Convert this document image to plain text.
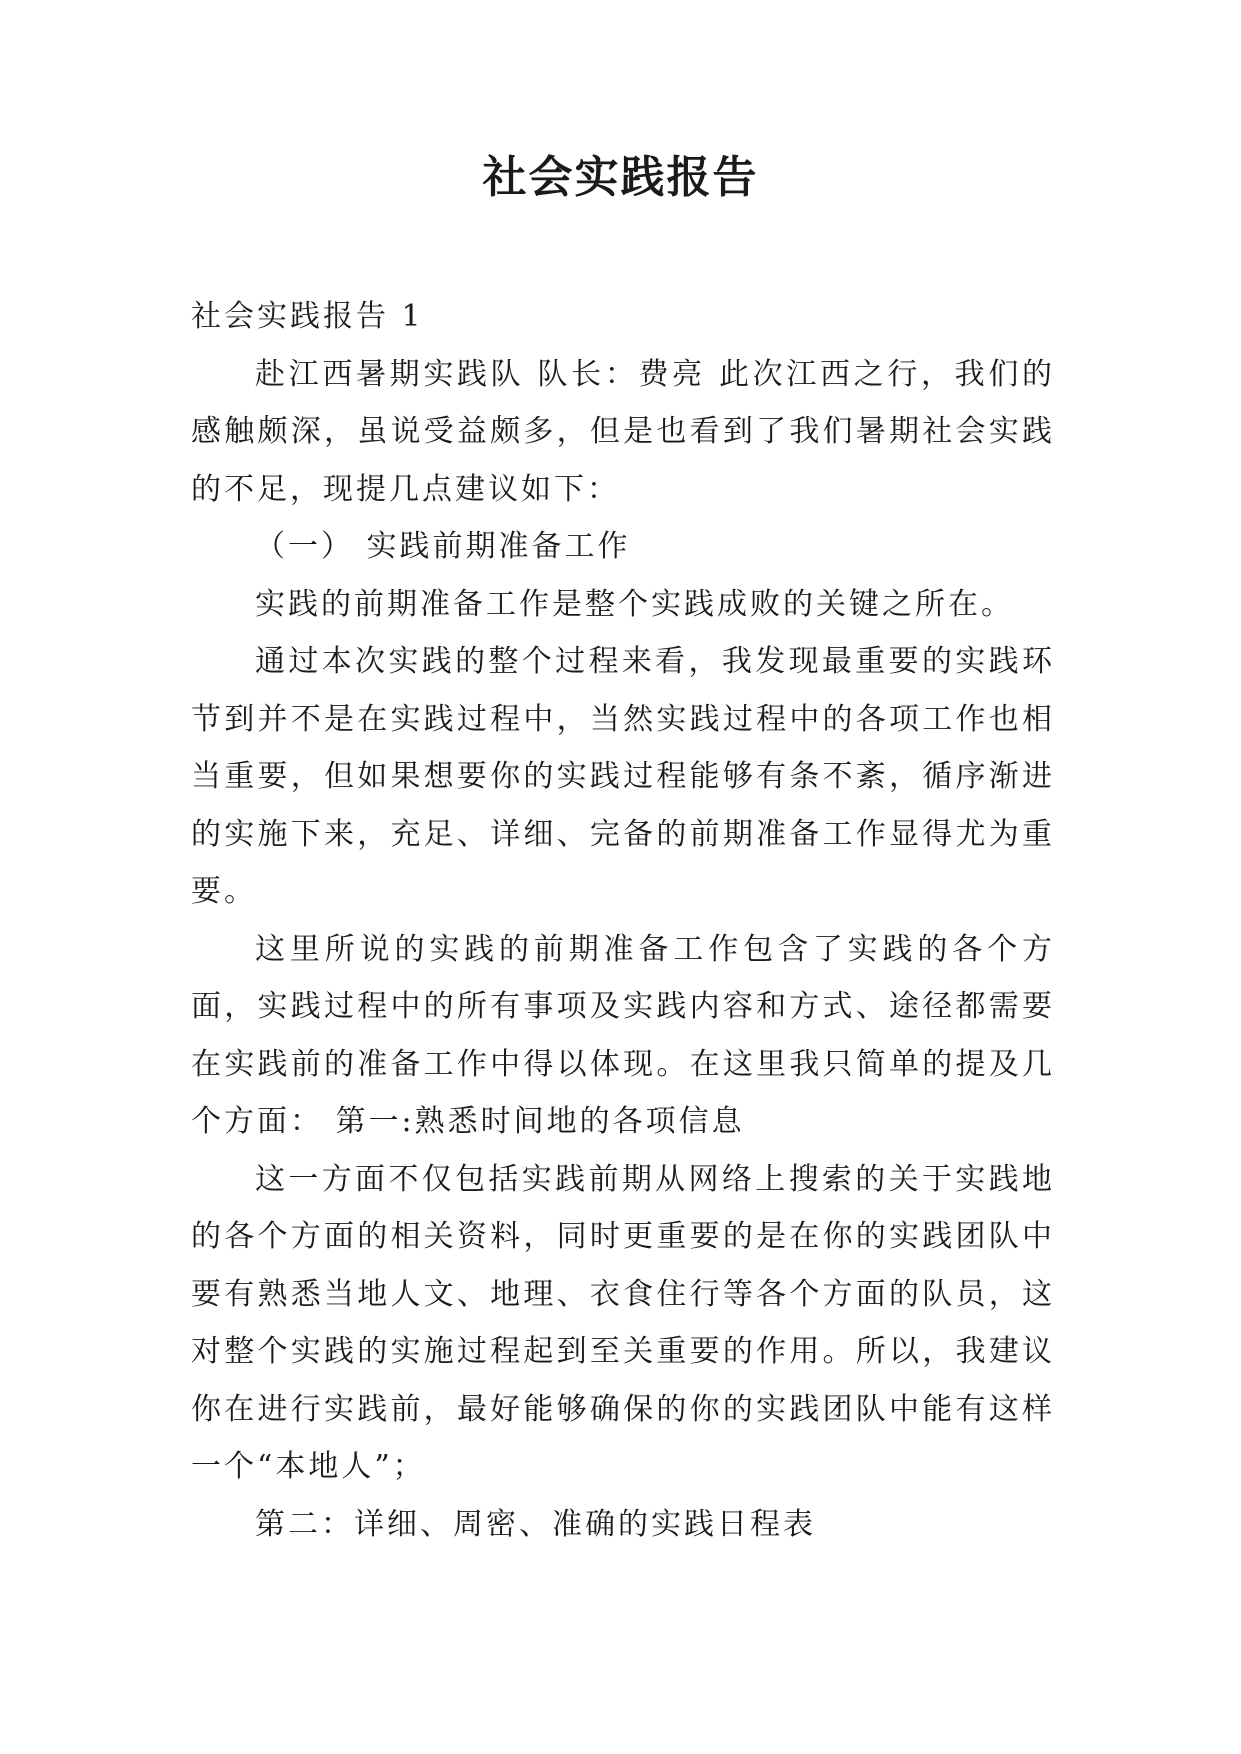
社会实践报告

社会实践报告 1

赴江西暑期实践队 队长：费亮 此次江西之行，我们的感触颇深，虽说受益颇多，但是也看到了我们暑期社会实践的不足，现提几点建议如下：

（一） 实践前期准备工作

实践的前期准备工作是整个实践成败的关键之所在。

通过本次实践的整个过程来看，我发现最重要的实践环节到并不是在实践过程中，当然实践过程中的各项工作也相当重要，但如果想要你的实践过程能够有条不紊，循序渐进的实施下来，充足、详细、完备的前期准备工作显得尤为重要。

这里所说的实践的前期准备工作包含了实践的各个方面，实践过程中的所有事项及实践内容和方式、途径都需要在实践前的准备工作中得以体现。在这里我只简单的提及几个方面： 第一:熟悉时间地的各项信息

这一方面不仅包括实践前期从网络上搜索的关于实践地的各个方面的相关资料，同时更重要的是在你的实践团队中要有熟悉当地人文、地理、衣食住行等各个方面的队员，这对整个实践的实施过程起到至关重要的作用。所以，我建议你在进行实践前，最好能够确保的你的实践团队中能有这样一个“本地人”；

第二：详细、周密、准确的实践日程表
